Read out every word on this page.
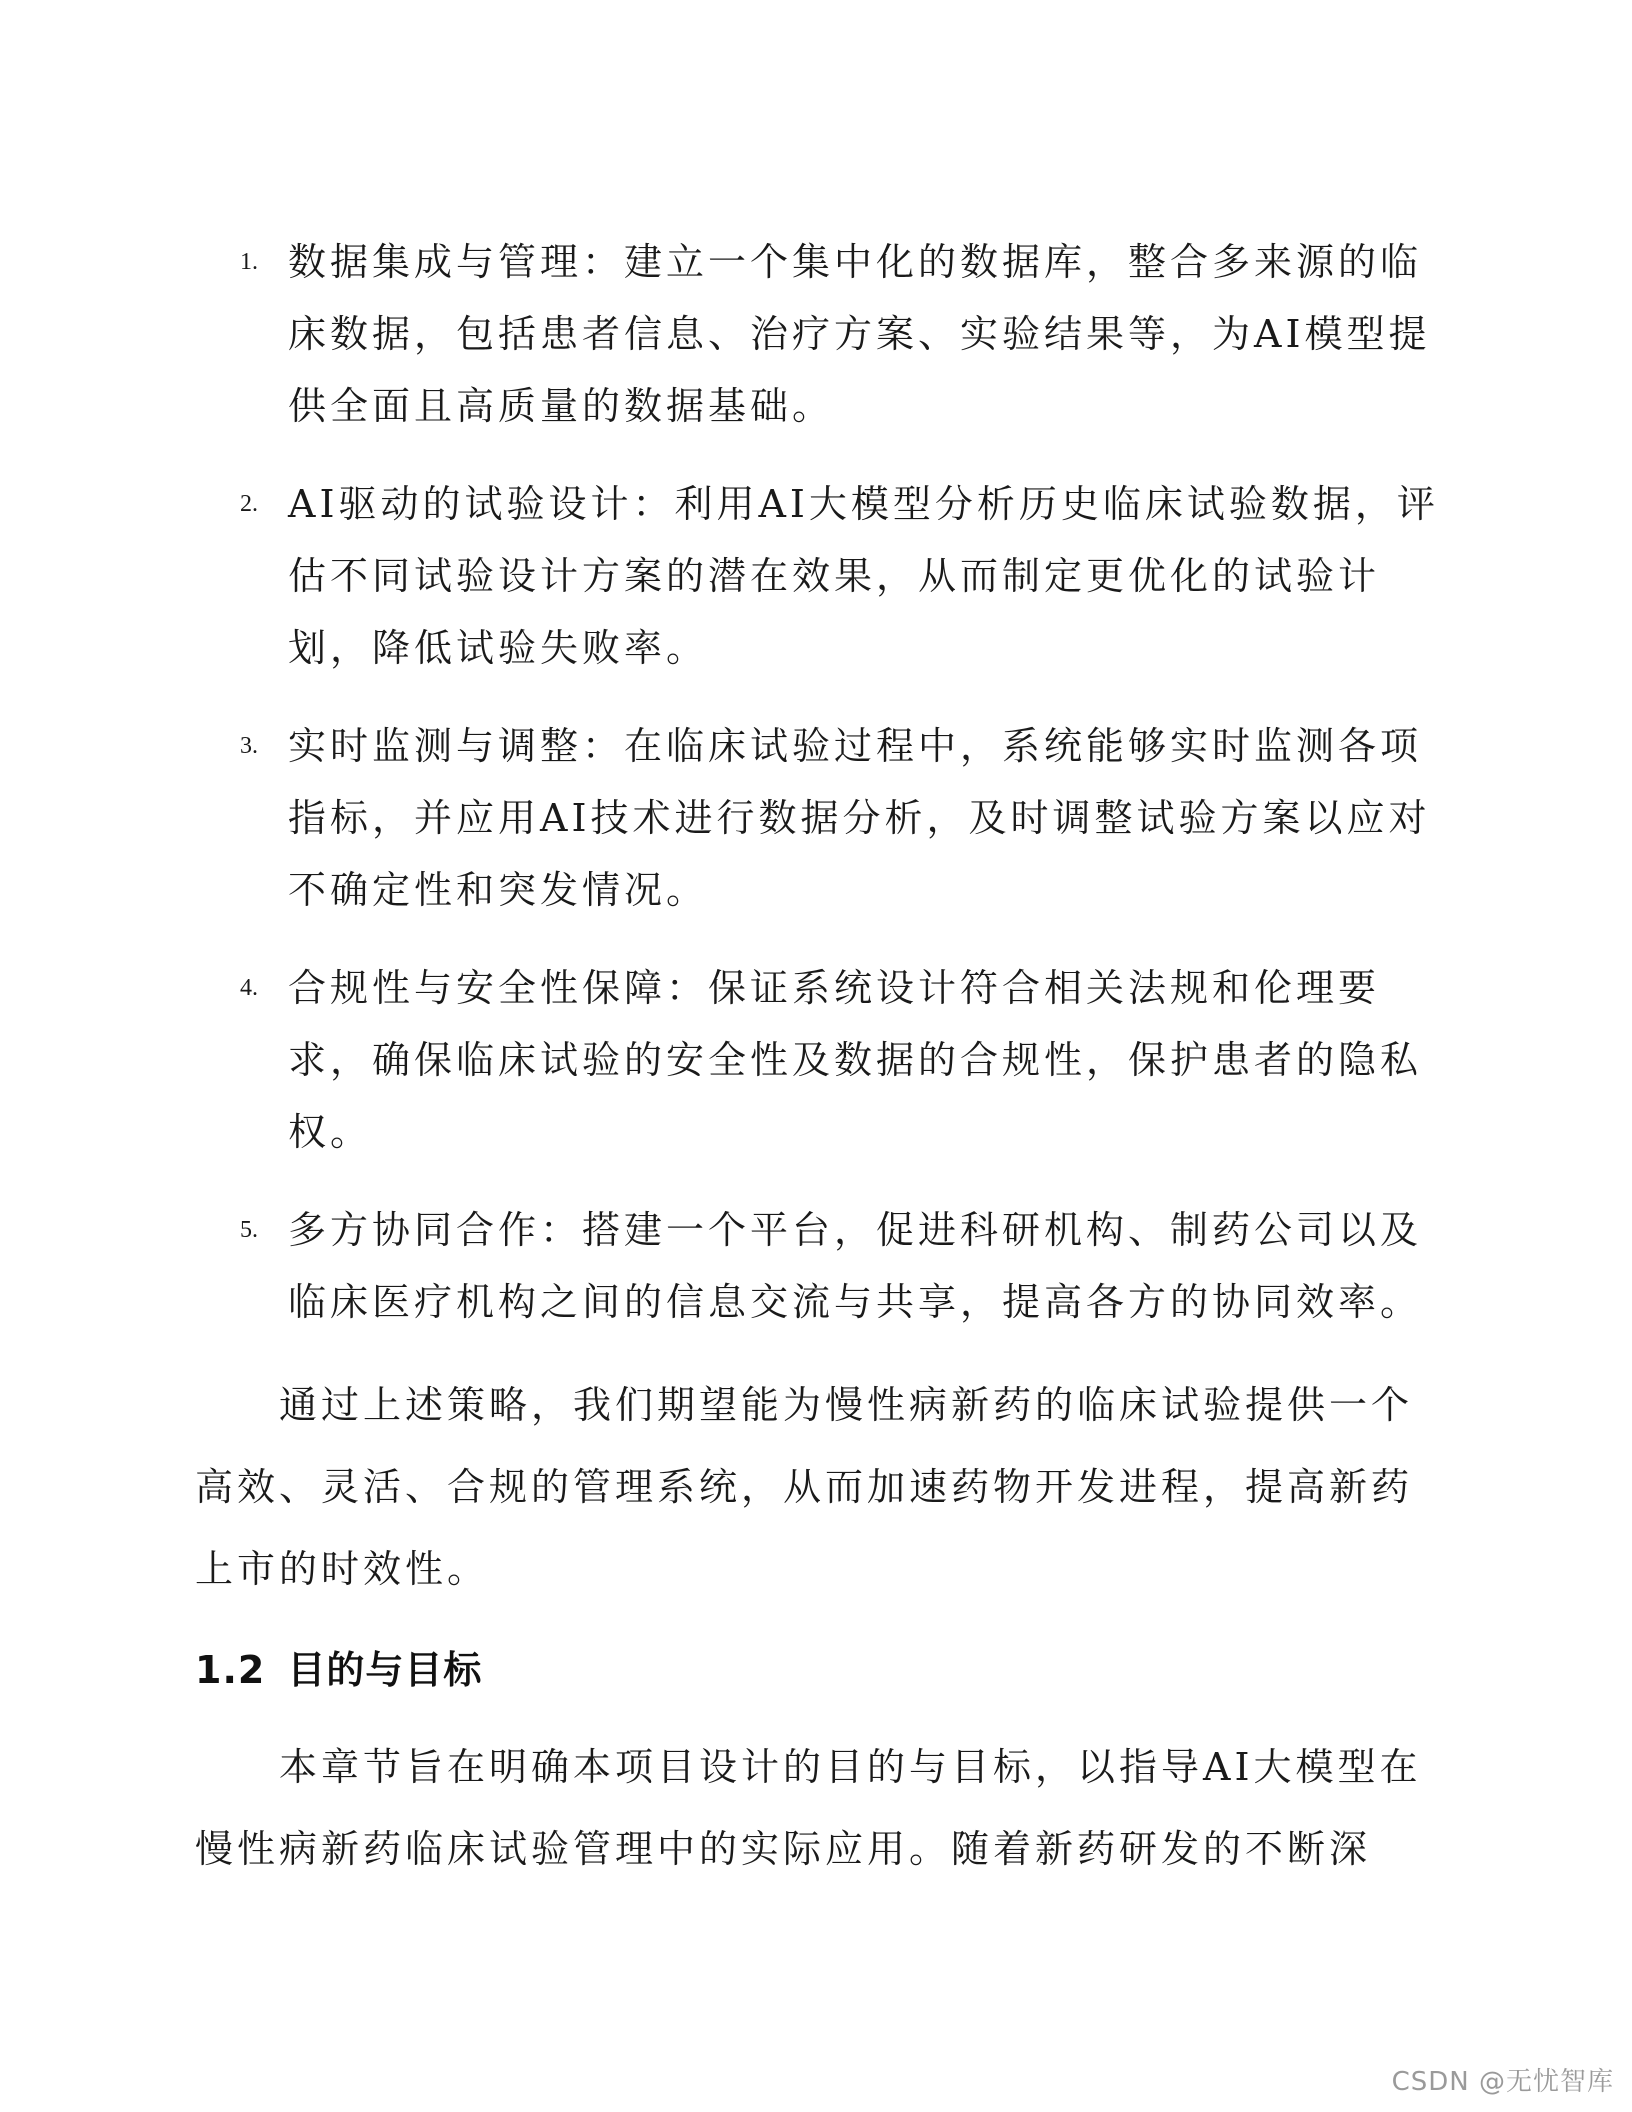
1. 数据集成与管理：建立一个集中化的数据库，整合多来源的临床数据，包括患者信息、治疗方案、实验结果等，为AI模型提供全面且高质量的数据基础。
2. AI驱动的试验设计：利用AI大模型分析历史临床试验数据，评估不同试验设计方案的潜在效果，从而制定更优化的试验计划，降低试验失败率。
3. 实时监测与调整：在临床试验过程中，系统能够实时监测各项指标，并应用AI技术进行数据分析，及时调整试验方案以应对不确定性和突发情况。
4. 合规性与安全性保障：保证系统设计符合相关法规和伦理要求，确保临床试验的安全性及数据的合规性，保护患者的隐私权。
5. 多方协同合作：搭建一个平台，促进科研机构、制药公司以及临床医疗机构之间的信息交流与共享，提高各方的协同效率。

通过上述策略，我们期望能为慢性病新药的临床试验提供一个高效、灵活、合规的管理系统，从而加速药物开发进程，提高新药上市的时效性。

1.2 目的与目标

本章节旨在明确本项目设计的目的与目标，以指导AI大模型在慢性病新药临床试验管理中的实际应用。随着新药研发的不断深

CSDN @无忧智库
